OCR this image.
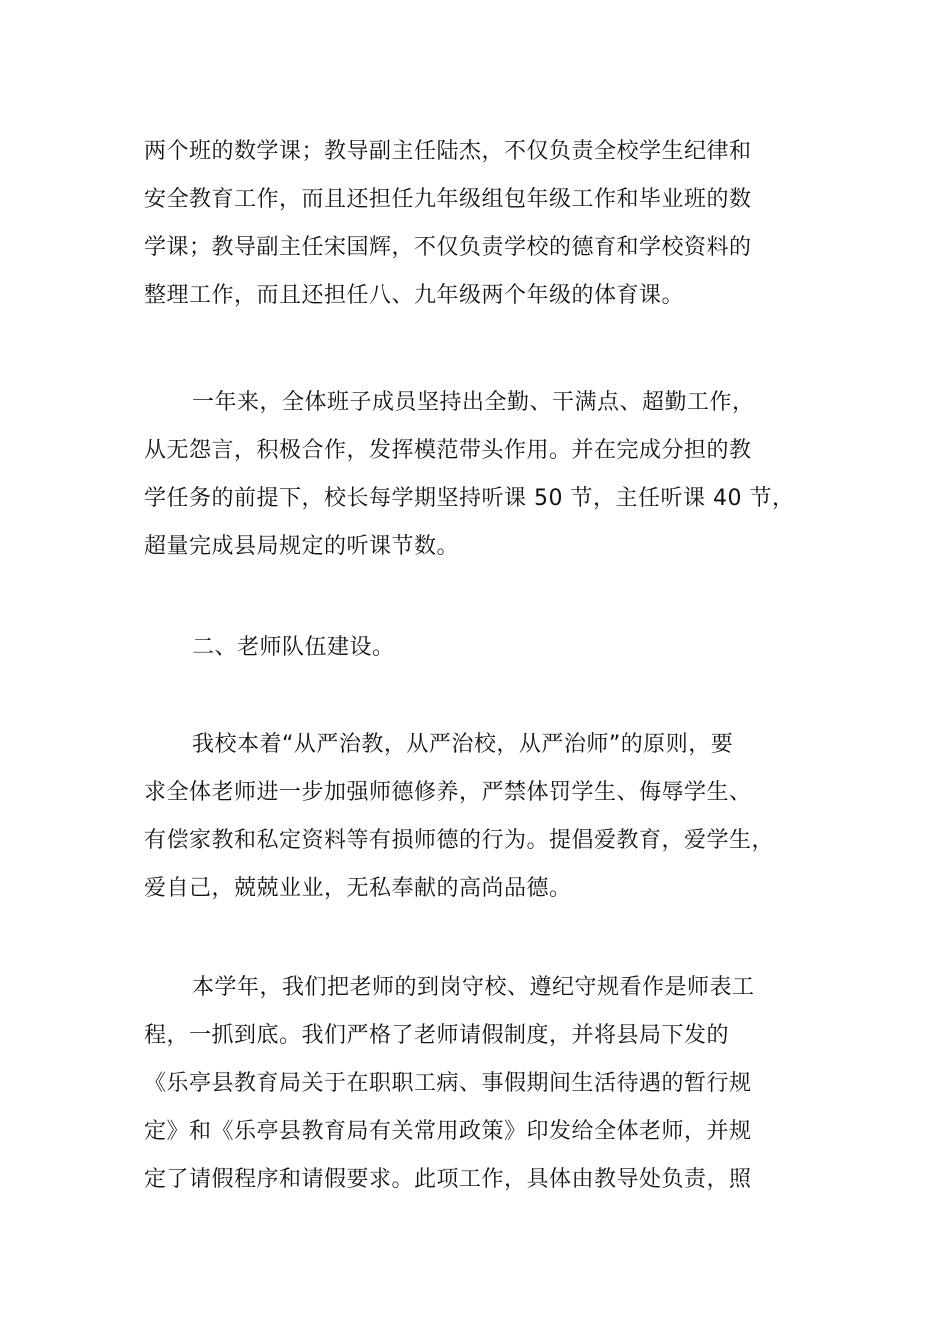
两个班的数学课；教导副主任陆杰，不仅负责全校学生纪律和
安全教育工作，而且还担任九年级组包年级工作和毕业班的数
学课；教导副主任宋国辉，不仅负责学校的德育和学校资料的
整理工作，而且还担任八、九年级两个年级的体育课。
一年来，全体班子成员坚持出全勤、干满点、超勤工作，
从无怨言，积极合作，发挥模范带头作用。并在完成分担的教
学任务的前提下，校长每学期坚持听课 50 节，主任听课 40 节，
超量完成县局规定的听课节数。
二、老师队伍建设。
我校本着“从严治教，从严治校，从严治师”的原则，要
求全体老师进一步加强师德修养，严禁体罚学生、侮辱学生、
有偿家教和私定资料等有损师德的行为。提倡爱教育，爱学生，
爱自己，兢兢业业，无私奉献的高尚品德。
本学年，我们把老师的到岗守校、遵纪守规看作是师表工
程，一抓到底。我们严格了老师请假制度，并将县局下发的
《乐亭县教育局关于在职职工病、事假期间生活待遇的暂行规
定》和《乐亭县教育局有关常用政策》印发给全体老师，并规
定了请假程序和请假要求。此项工作，具体由教导处负责，照
